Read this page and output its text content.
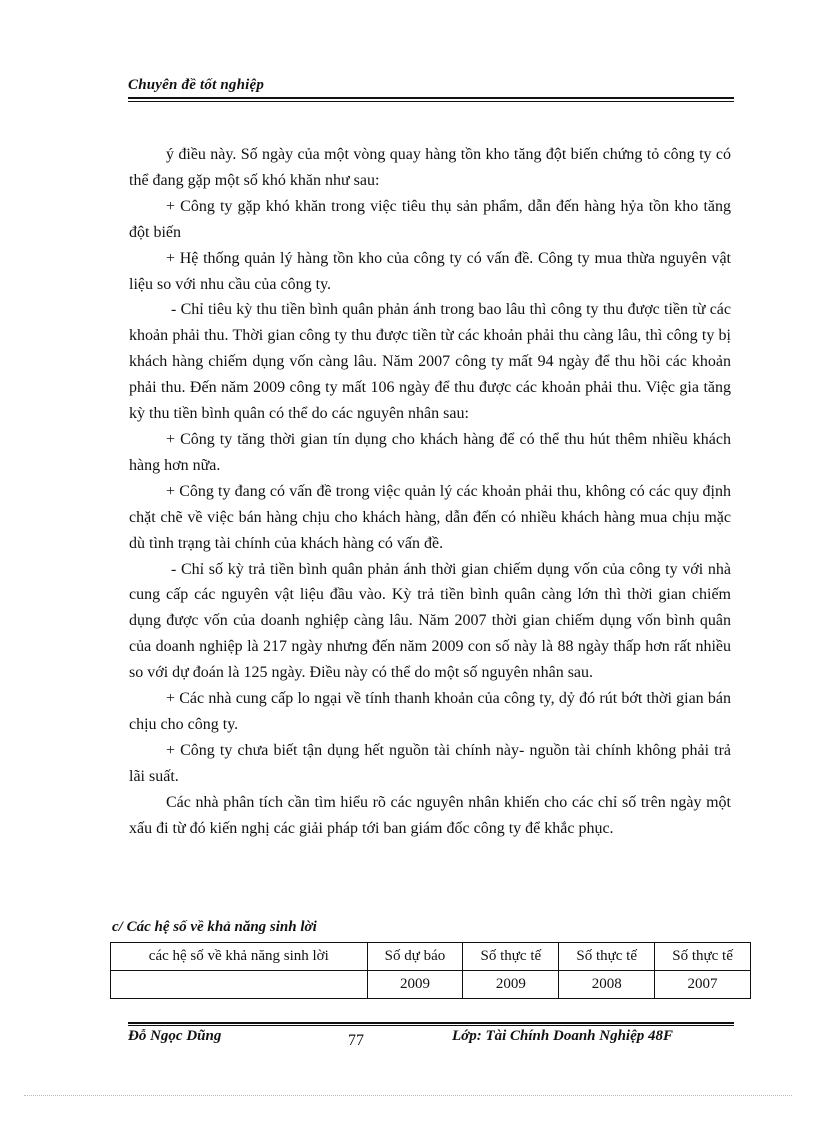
Chuyên đề tốt nghiệp

ý điều này. Số ngày của một vòng quay hàng tồn kho tăng đột biến chứng tỏ công ty có thể đang gặp một số khó khăn như sau:

+ Công ty gặp khó khăn trong việc tiêu thụ sản phẩm, dẫn đến hàng hỷa tồn kho tăng đột biến

+ Hệ thống quản lý hàng tồn kho của công ty có vấn đề. Công ty mua thừa nguyên vật liệu so với nhu cầu của công ty.

- Chỉ tiêu kỳ thu tiền bình quân phản ánh trong bao lâu thì công ty thu được tiền từ các khoản phải thu. Thời gian công ty thu được tiền từ các khoản phải thu càng lâu, thì công ty bị khách hàng chiếm dụng vốn càng lâu. Năm 2007 công ty mất 94 ngày để thu hồi các khoản phải thu. Đến năm 2009 công ty mất 106 ngày để thu được các khoản phải thu. Việc gia tăng kỳ thu tiền bình quân có thể do các nguyên nhân sau:

+ Công ty tăng thời gian tín dụng cho khách hàng để có thể thu hút thêm nhiều khách hàng hơn nữa.

+ Công ty đang có vấn đề trong việc quản lý các khoản phải thu, không có các quy định chặt chẽ về việc bán hàng chịu cho khách hàng, dẫn đến có nhiều khách hàng mua chịu mặc dù tình trạng tài chính của khách hàng có vấn đề.

- Chỉ số kỳ trả tiền bình quân phản ánh thời gian chiếm dụng vốn của công ty với nhà cung cấp các nguyên vật liệu đầu vào. Kỳ trả tiền bình quân càng lớn thì thời gian chiếm dụng được vốn của doanh nghiệp càng lâu. Năm 2007 thời gian chiếm dụng vốn bình quân của doanh nghiệp là 217 ngày nhưng đến năm 2009 con số này là 88 ngày thấp hơn rất nhiều so với dự đoán là 125 ngày. Điều này có thể do một số nguyên nhân sau.

+ Các nhà cung cấp lo ngại về tính thanh khoản của công ty, dỷ đó rút bớt thời gian bán chịu cho công ty.

+ Công ty chưa biết tận dụng hết nguồn tài chính này- nguồn tài chính không phải trả lãi suất.

Các nhà phân tích cần tìm hiểu rõ các nguyên nhân khiến cho các chỉ số trên ngày một xấu đi từ đó kiến nghị các giải pháp tới ban giám đốc công ty để khắc phục.

c/ Các hệ số về khả năng sinh lời
các hệ số về khả năng sinh lời	Số dự báo	Số thực tế	Số thực tế	Số thực tế
	2009	2009	2008	2007
Đỗ Ngọc Dũng	77	Lớp: Tài Chính Doanh Nghiệp 48F
